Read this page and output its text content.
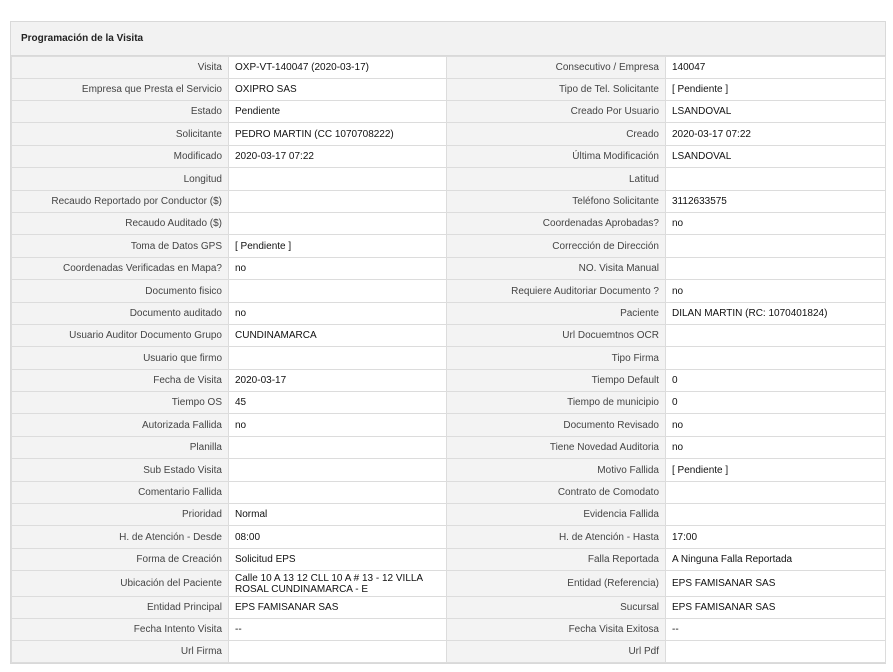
Programación de la Visita
Visita	OXP-VT-140047 (2020-03-17)	Consecutivo / Empresa	140047
Empresa que Presta el Servicio	OXIPRO SAS	Tipo de Tel. Solicitante	[ Pendiente ]
Estado	Pendiente	Creado Por Usuario	LSANDOVAL
Solicitante	PEDRO MARTIN (CC 1070708222)	Creado	2020-03-17 07:22
Modificado	2020-03-17 07:22	Última Modificación	LSANDOVAL
Longitud		Latitud	
Recaudo Reportado por Conductor ($)		Teléfono Solicitante	3112633575
Recaudo Auditado ($)		Coordenadas Aprobadas?	no
Toma de Datos GPS	[ Pendiente ]	Corrección de Dirección	
Coordenadas Verificadas en Mapa?	no	NO. Visita Manual	
Documento fisico		Requiere Auditoriar Documento ?	no
Documento auditado	no	Paciente	DILAN MARTIN (RC: 1070401824)
Usuario Auditor Documento Grupo	CUNDINAMARCA	Url Docuemtnos OCR	
Usuario que firmo		Tipo Firma	
Fecha de Visita	2020-03-17	Tiempo Default	0
Tiempo OS	45	Tiempo de municipio	0
Autorizada Fallida	no	Documento Revisado	no
Planilla		Tiene Novedad Auditoria	no
Sub Estado Visita		Motivo Fallida	[ Pendiente ]
Comentario Fallida		Contrato de Comodato	
Prioridad	Normal	Evidencia Fallida	
H. de Atención - Desde	08:00	H. de Atención - Hasta	17:00
Forma de Creación	Solicitud EPS	Falla Reportada	A Ninguna Falla Reportada
Ubicación del Paciente	Calle 10 A 13 12 CLL 10 A # 13 - 12 VILLA ROSAL CUNDINAMARCA - E	Entidad (Referencia)	EPS FAMISANAR SAS
Entidad Principal	EPS FAMISANAR SAS	Sucursal	EPS FAMISANAR SAS
Fecha Intento Visita	--	Fecha Visita Exitosa	--
Url Firma		Url Pdf	
